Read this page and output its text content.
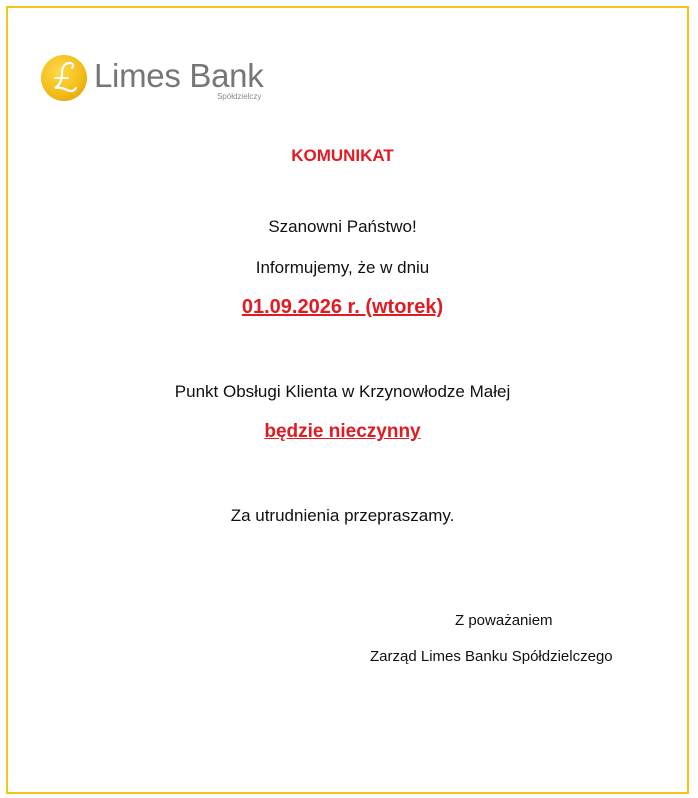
Limes Bank
Spółdzielczy
KOMUNIKAT
Szanowni Państwo!
Informujemy, że w dniu
01.09.2026 r. (wtorek)
Punkt Obsługi Klienta w Krzynowłodze Małej
będzie nieczynny
Za utrudnienia przepraszamy.
Z poważaniem
Zarząd Limes Banku Spółdzielczego
